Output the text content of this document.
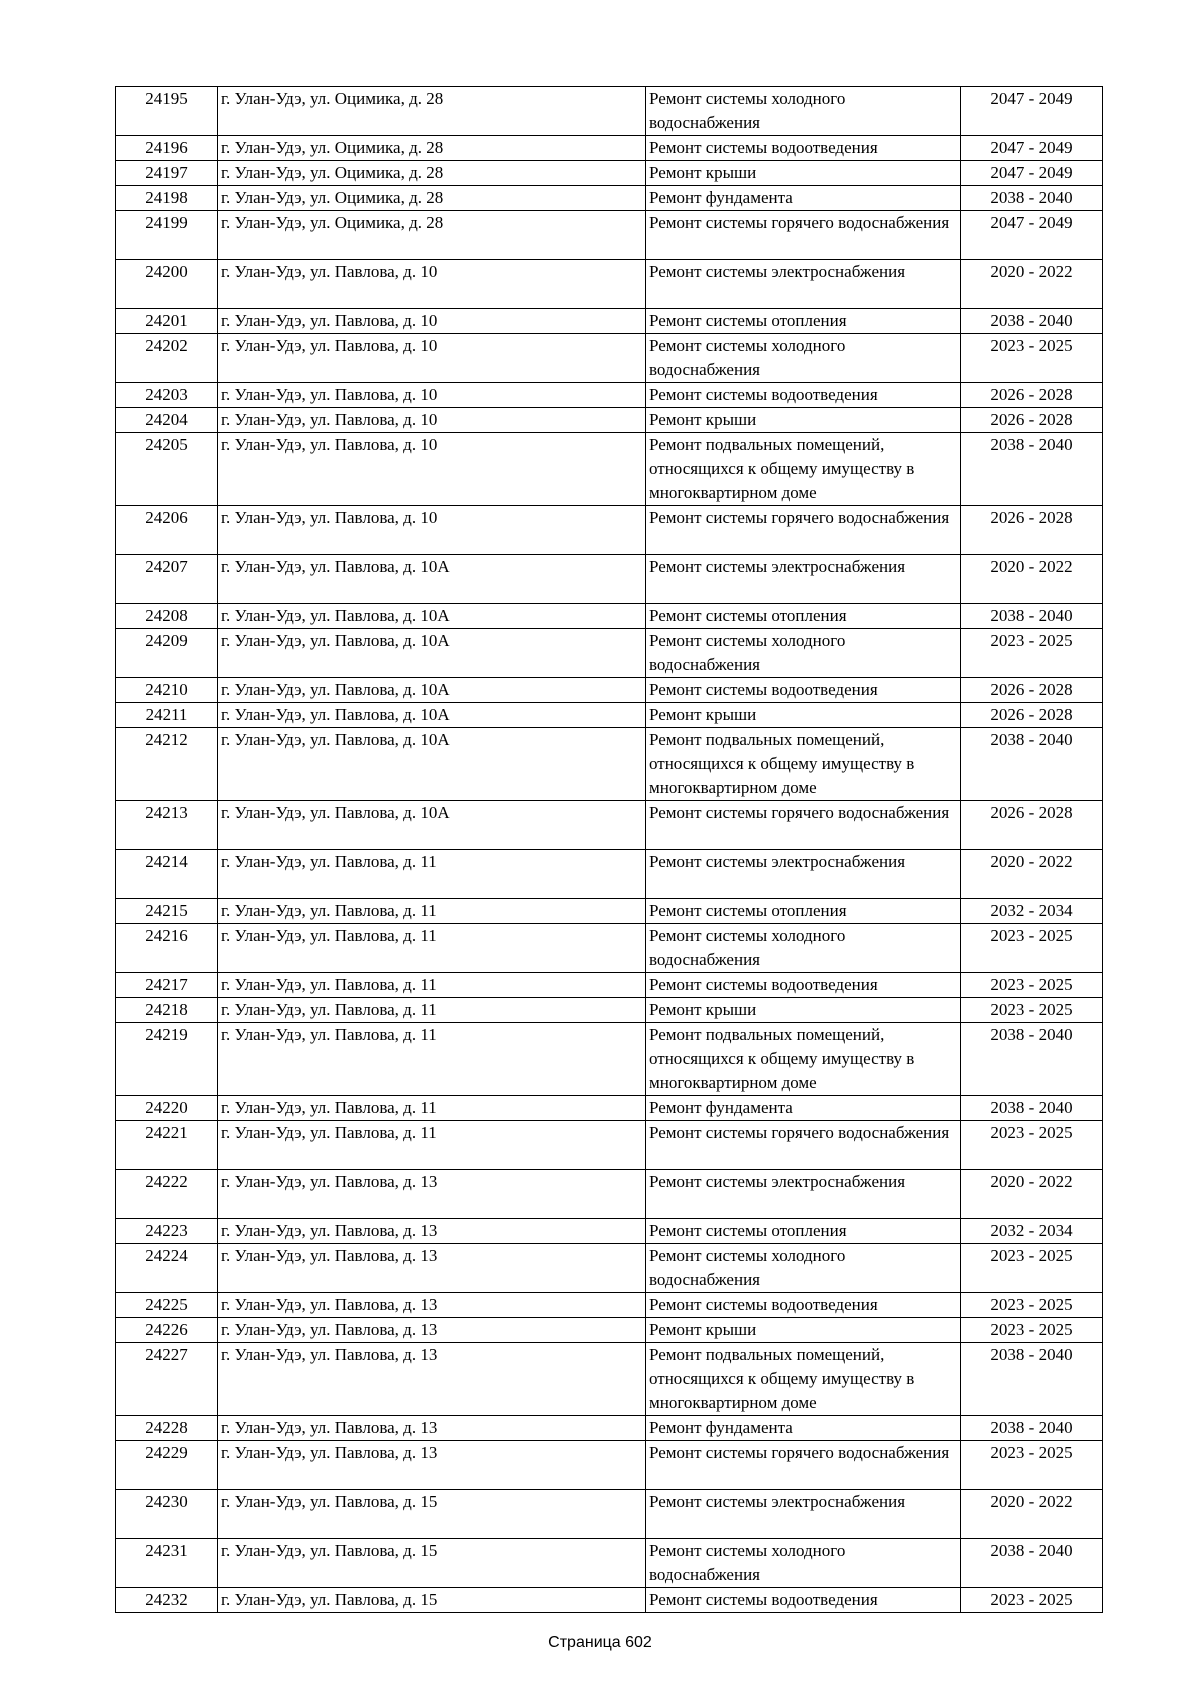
24195	г. Улан-Удэ, ул. Оцимика, д. 28	Ремонт системы холодного водоснабжения	2047 - 2049
24196	г. Улан-Удэ, ул. Оцимика, д. 28	Ремонт системы водоотведения	2047 - 2049
24197	г. Улан-Удэ, ул. Оцимика, д. 28	Ремонт крыши	2047 - 2049
24198	г. Улан-Удэ, ул. Оцимика, д. 28	Ремонт фундамента	2038 - 2040
24199	г. Улан-Удэ, ул. Оцимика, д. 28	Ремонт системы горячего водоснабжения	2047 - 2049
24200	г. Улан-Удэ, ул. Павлова, д. 10	Ремонт системы электроснабжения	2020 - 2022
24201	г. Улан-Удэ, ул. Павлова, д. 10	Ремонт системы отопления	2038 - 2040
24202	г. Улан-Удэ, ул. Павлова, д. 10	Ремонт системы холодного водоснабжения	2023 - 2025
24203	г. Улан-Удэ, ул. Павлова, д. 10	Ремонт системы водоотведения	2026 - 2028
24204	г. Улан-Удэ, ул. Павлова, д. 10	Ремонт крыши	2026 - 2028
24205	г. Улан-Удэ, ул. Павлова, д. 10	Ремонт подвальных помещений, относящихся к общему имуществу в многоквартирном доме	2038 - 2040
24206	г. Улан-Удэ, ул. Павлова, д. 10	Ремонт системы горячего водоснабжения	2026 - 2028
24207	г. Улан-Удэ, ул. Павлова, д. 10А	Ремонт системы электроснабжения	2020 - 2022
24208	г. Улан-Удэ, ул. Павлова, д. 10А	Ремонт системы отопления	2038 - 2040
24209	г. Улан-Удэ, ул. Павлова, д. 10А	Ремонт системы холодного водоснабжения	2023 - 2025
24210	г. Улан-Удэ, ул. Павлова, д. 10А	Ремонт системы водоотведения	2026 - 2028
24211	г. Улан-Удэ, ул. Павлова, д. 10А	Ремонт крыши	2026 - 2028
24212	г. Улан-Удэ, ул. Павлова, д. 10А	Ремонт подвальных помещений, относящихся к общему имуществу в многоквартирном доме	2038 - 2040
24213	г. Улан-Удэ, ул. Павлова, д. 10А	Ремонт системы горячего водоснабжения	2026 - 2028
24214	г. Улан-Удэ, ул. Павлова, д. 11	Ремонт системы электроснабжения	2020 - 2022
24215	г. Улан-Удэ, ул. Павлова, д. 11	Ремонт системы отопления	2032 - 2034
24216	г. Улан-Удэ, ул. Павлова, д. 11	Ремонт системы холодного водоснабжения	2023 - 2025
24217	г. Улан-Удэ, ул. Павлова, д. 11	Ремонт системы водоотведения	2023 - 2025
24218	г. Улан-Удэ, ул. Павлова, д. 11	Ремонт крыши	2023 - 2025
24219	г. Улан-Удэ, ул. Павлова, д. 11	Ремонт подвальных помещений, относящихся к общему имуществу в многоквартирном доме	2038 - 2040
24220	г. Улан-Удэ, ул. Павлова, д. 11	Ремонт фундамента	2038 - 2040
24221	г. Улан-Удэ, ул. Павлова, д. 11	Ремонт системы горячего водоснабжения	2023 - 2025
24222	г. Улан-Удэ, ул. Павлова, д. 13	Ремонт системы электроснабжения	2020 - 2022
24223	г. Улан-Удэ, ул. Павлова, д. 13	Ремонт системы отопления	2032 - 2034
24224	г. Улан-Удэ, ул. Павлова, д. 13	Ремонт системы холодного водоснабжения	2023 - 2025
24225	г. Улан-Удэ, ул. Павлова, д. 13	Ремонт системы водоотведения	2023 - 2025
24226	г. Улан-Удэ, ул. Павлова, д. 13	Ремонт крыши	2023 - 2025
24227	г. Улан-Удэ, ул. Павлова, д. 13	Ремонт подвальных помещений, относящихся к общему имуществу в многоквартирном доме	2038 - 2040
24228	г. Улан-Удэ, ул. Павлова, д. 13	Ремонт фундамента	2038 - 2040
24229	г. Улан-Удэ, ул. Павлова, д. 13	Ремонт системы горячего водоснабжения	2023 - 2025
24230	г. Улан-Удэ, ул. Павлова, д. 15	Ремонт системы электроснабжения	2020 - 2022
24231	г. Улан-Удэ, ул. Павлова, д. 15	Ремонт системы холодного водоснабжения	2038 - 2040
24232	г. Улан-Удэ, ул. Павлова, д. 15	Ремонт системы водоотведения	2023 - 2025
Страница 602
